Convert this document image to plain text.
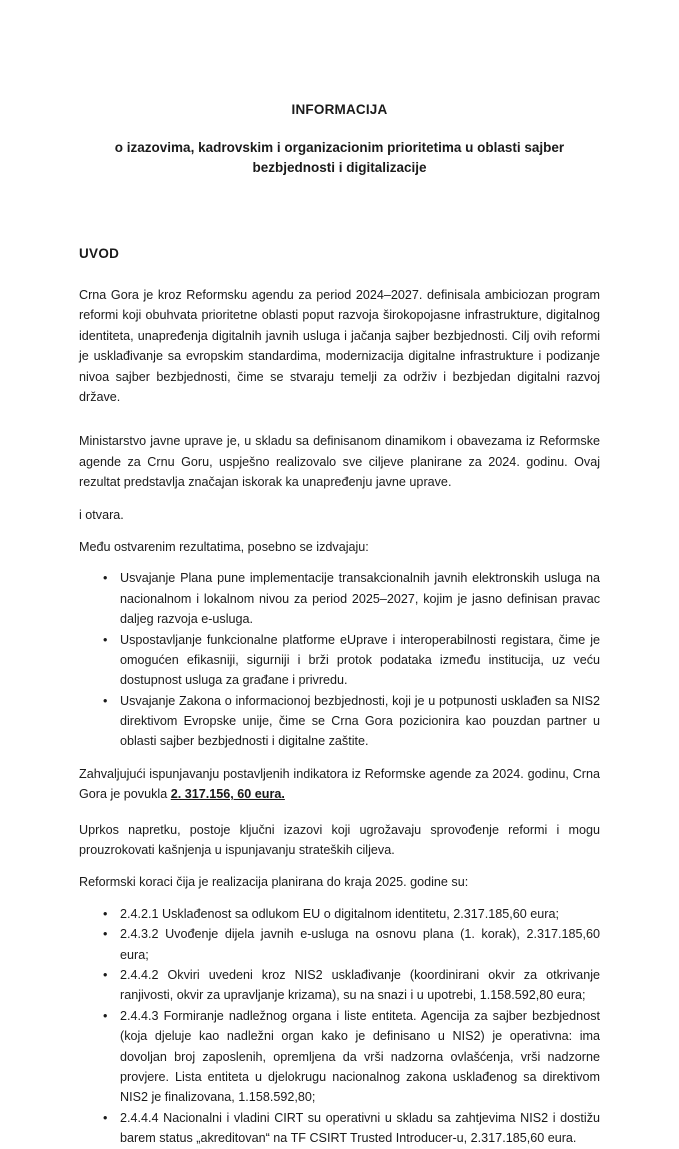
INFORMACIJA
o izazovima, kadrovskim i organizacionim prioritetima u oblasti sajber bezbjednosti i digitalizacije
UVOD

Crna Gora je kroz Reformsku agendu za period 2024–2027. definisala ambiciozan program reformi koji obuhvata prioritetne oblasti poput razvoja širokopojasne infrastrukture, digitalnog identiteta, unapređenja digitalnih javnih usluga i jačanja sajber bezbjednosti. Cilj ovih reformi je usklađivanje sa evropskim standardima, modernizacija digitalne infrastrukture i podizanje nivoa sajber bezbjednosti, čime se stvaraju temelji za održiv i bezbjedan digitalni razvoj države.

Ministarstvo javne uprave je, u skladu sa definisanom dinamikom i obavezama iz Reformske agende za Crnu Goru, uspješno realizovalo sve ciljeve planirane za 2024. godinu. Ovaj rezultat predstavlja značajan iskorak ka unapređenju javne uprave.

i otvara.

Među ostvarenim rezultatima, posebno se izdvajaju:

• Usvajanje Plana pune implementacije transakcionalnih javnih elektronskih usluga na nacionalnom i lokalnom nivou za period 2025–2027, kojim je jasno definisan pravac daljeg razvoja e-usluga.
• Uspostavljanje funkcionalne platforme eUprave i interoperabilnosti registara, čime je omogućen efikasniji, sigurniji i brži protok podataka između institucija, uz veću dostupnost usluga za građane i privredu.
• Usvajanje Zakona o informacionoj bezbjednosti, koji je u potpunosti usklađen sa NIS2 direktivom Evropske unije, čime se Crna Gora pozicionira kao pouzdan partner u oblasti sajber bezbjednosti i digitalne zaštite.

Zahvaljujući ispunjavanju postavljenih indikatora iz Reformske agende za 2024. godinu, Crna Gora je povukla 2. 317.156, 60 eura.

Uprkos napretku, postoje ključni izazovi koji ugrožavaju sprovođenje reformi i mogu prouzrokovati kašnjenja u ispunjavanju strateških ciljeva.

Reformski koraci čija je realizacija planirana do kraja 2025. godine su:

• 2.4.2.1 Usklađenost sa odlukom EU o digitalnom identitetu, 2.317.185,60 eura;
• 2.4.3.2 Uvođenje dijela javnih e-usluga na osnovu plana (1. korak), 2.317.185,60 eura;
• 2.4.4.2 Okviri uvedeni kroz NIS2 usklađivanje (koordinirani okvir za otkrivanje ranjivosti, okvir za upravljanje krizama), su na snazi i u upotrebi, 1.158.592,80 eura;
• 2.4.4.3 Formiranje nadležnog organa i liste entiteta. Agencija za sajber bezbjednost (koja djeluje kao nadležni organ kako je definisano u NIS2) je operativna: ima dovoljan broj zaposlenih, opremljena da vrši nadzorna ovlašćenja, vrši nadzorne provjere. Lista entiteta u djelokrugu nacionalnog zakona usklađenog sa direktivom NIS2 je finalizovana, 1.158.592,80;
• 2.4.4.4 Nacionalni i vladini CIRT su operativni u skladu sa zahtjevima NIS2 i dostižu barem status „akreditovan“ na TF CSIRT Trusted Introducer-u, 2.317.185,60 eura.
